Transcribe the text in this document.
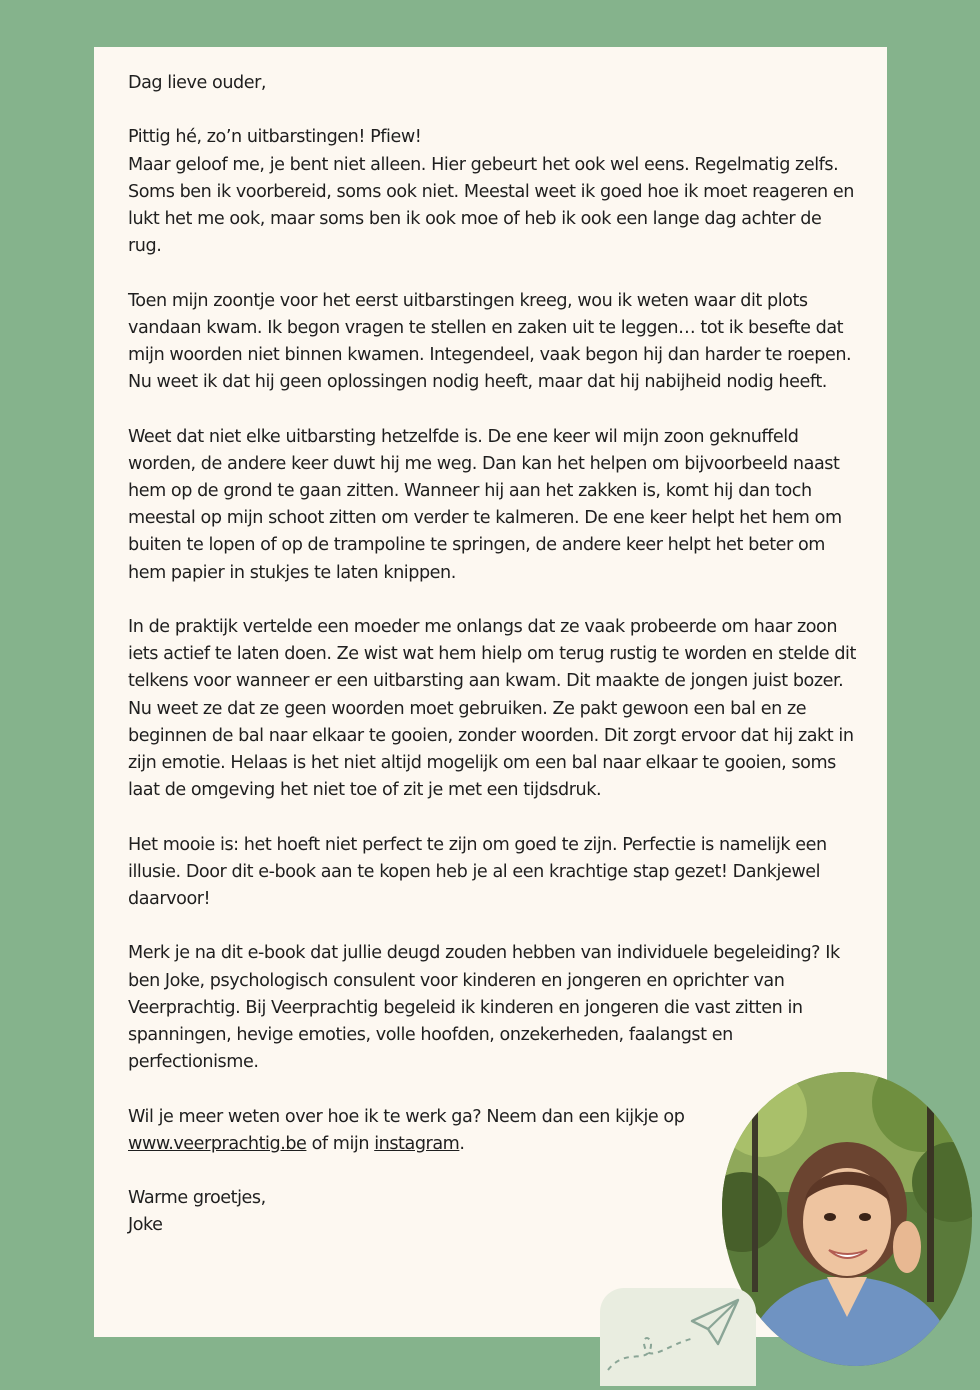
Dag lieve ouder,

Pittig hé, zo’n uitbarstingen! Pfiew!
Maar geloof me, je bent niet alleen. Hier gebeurt het ook wel eens. Regelmatig zelfs. Soms ben ik voorbereid, soms ook niet. Meestal weet ik goed hoe ik moet reageren en lukt het me ook, maar soms ben ik ook moe of heb ik ook een lange dag achter de rug.

Toen mijn zoontje voor het eerst uitbarstingen kreeg, wou ik weten waar dit plots vandaan kwam. Ik begon vragen te stellen en zaken uit te leggen… tot ik besefte dat mijn woorden niet binnen kwamen. Integendeel, vaak begon hij dan harder te roepen. Nu weet ik dat hij geen oplossingen nodig heeft, maar dat hij nabijheid nodig heeft.

Weet dat niet elke uitbarsting hetzelfde is. De ene keer wil mijn zoon geknuffeld worden, de andere keer duwt hij me weg. Dan kan het helpen om bijvoorbeeld naast hem op de grond te gaan zitten. Wanneer hij aan het zakken is, komt hij dan toch meestal op mijn schoot zitten om verder te kalmeren. De ene keer helpt het hem om buiten te lopen of op de trampoline te springen, de andere keer helpt het beter om hem papier in stukjes te laten knippen.

In de praktijk vertelde een moeder me onlangs dat ze vaak probeerde om haar zoon iets actief te laten doen. Ze wist wat hem hielp om terug rustig te worden en stelde dit telkens voor wanneer er een uitbarsting aan kwam. Dit maakte de jongen juist bozer. Nu weet ze dat ze geen woorden moet gebruiken. Ze pakt gewoon een bal en ze beginnen de bal naar elkaar te gooien, zonder woorden. Dit zorgt ervoor dat hij zakt in zijn emotie. Helaas is het niet altijd mogelijk om een bal naar elkaar te gooien, soms laat de omgeving het niet toe of zit je met een tijdsdruk.

Het mooie is: het hoeft niet perfect te zijn om goed te zijn. Perfectie is namelijk een illusie. Door dit e-book aan te kopen heb je al een krachtige stap gezet! Dankjewel daarvoor!

Merk je na dit e-book dat jullie deugd zouden hebben van individuele begeleiding? Ik ben Joke, psychologisch consulent voor kinderen en jongeren en oprichter van Veerprachtig. Bij Veerprachtig begeleid ik kinderen en jongeren die vast zitten in spanningen, hevige emoties, volle hoofden, onzekerheden, faalangst en perfectionisme.

Wil je meer weten over hoe ik te werk ga? Neem dan een kijkje op
www.veerprachtig.be of mijn instagram.

Warme groetjes,

Joke
